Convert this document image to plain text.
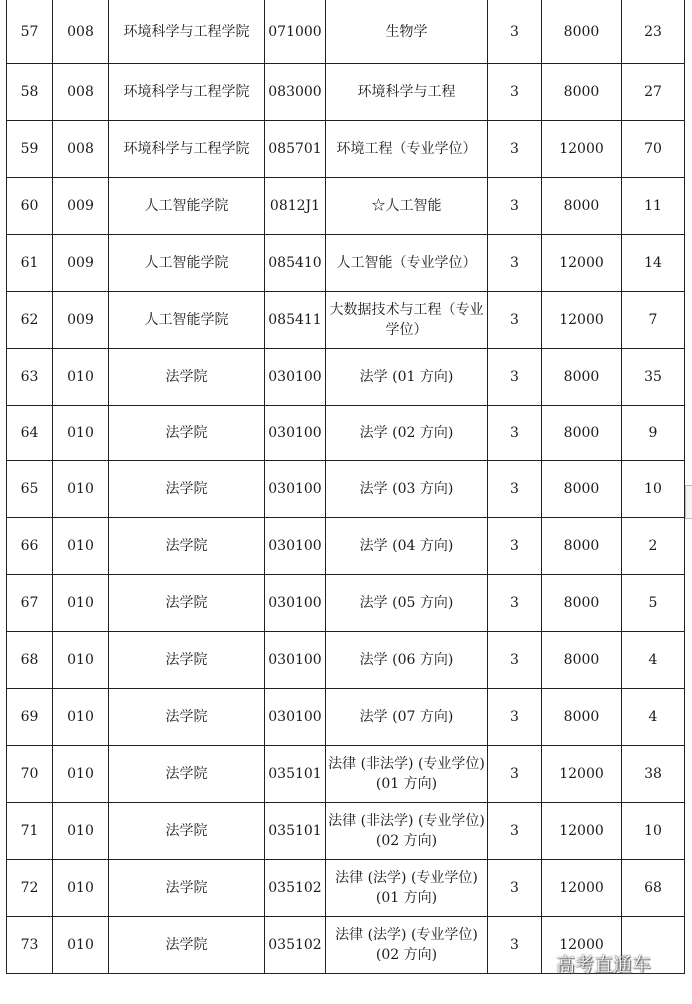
57	008	环境科学与工程学院	071000	生物学	3	8000	23
58	008	环境科学与工程学院	083000	环境科学与工程	3	8000	27
59	008	环境科学与工程学院	085701	环境工程（专业学位）	3	12000	70
60	009	人工智能学院	0812J1	☆人工智能	3	8000	11
61	009	人工智能学院	085410	人工智能（专业学位）	3	12000	14
62	009	人工智能学院	085411	大数据技术与工程（专业学位）	3	12000	7
63	010	法学院	030100	法学 (01 方向)	3	8000	35
64	010	法学院	030100	法学 (02 方向)	3	8000	9
65	010	法学院	030100	法学 (03 方向)	3	8000	10
66	010	法学院	030100	法学 (04 方向)	3	8000	2
67	010	法学院	030100	法学 (05 方向)	3	8000	5
68	010	法学院	030100	法学 (06 方向)	3	8000	4
69	010	法学院	030100	法学 (07 方向)	3	8000	4
70	010	法学院	035101	法律 (非法学) (专业学位) (01 方向)	3	12000	38
71	010	法学院	035101	法律 (非法学) (专业学位) (02 方向)	3	12000	10
72	010	法学院	035102	法律 (法学) (专业学位) (01 方向)	3	12000	68
73	010	法学院	035102	法律 (法学) (专业学位) (02 方向)	3	12000	
高考直通车
